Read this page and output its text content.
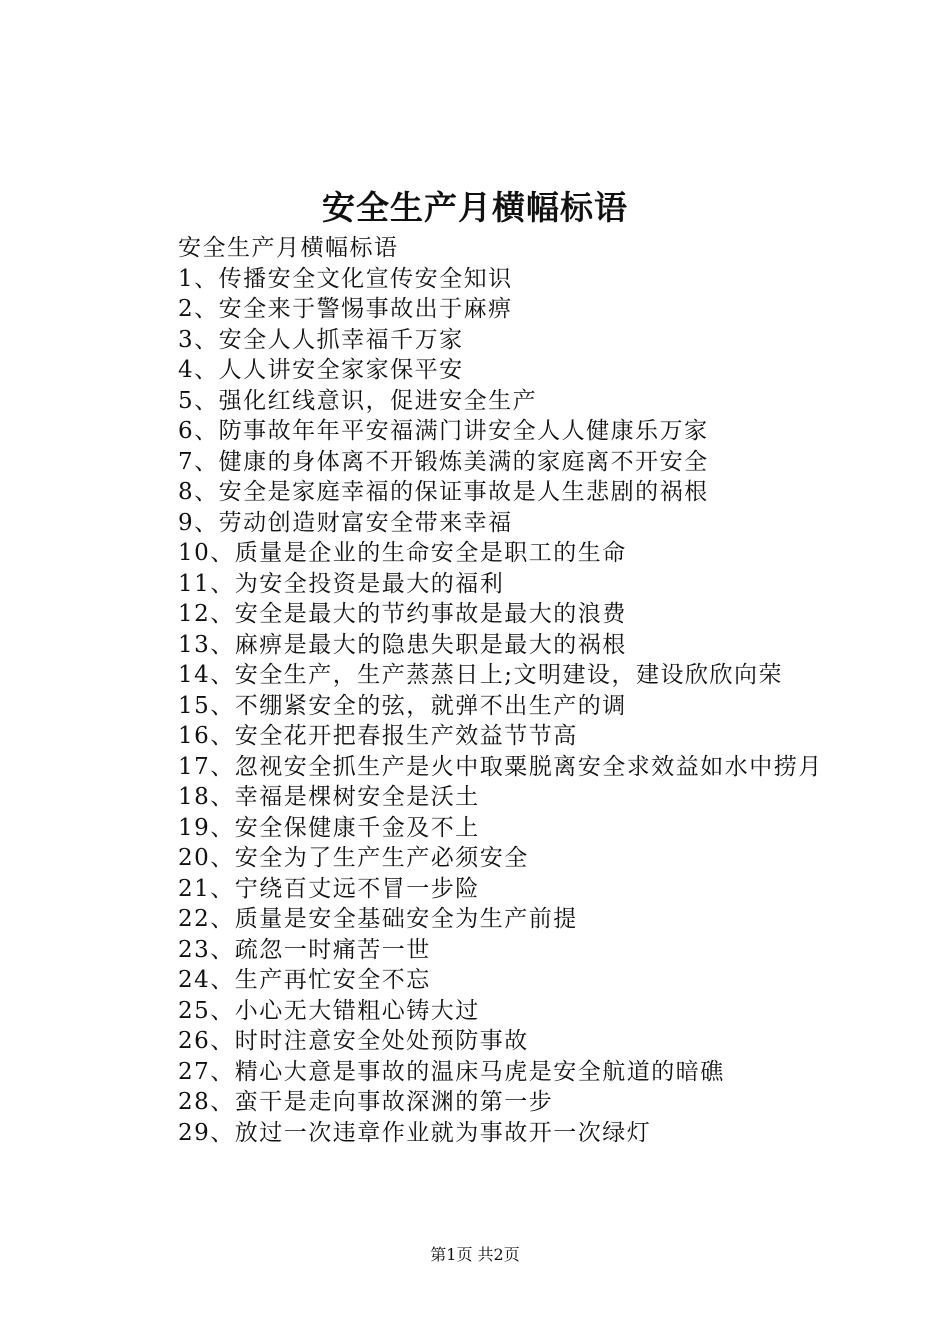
安全生产月横幅标语

安全生产月横幅标语

1、传播安全文化宣传安全知识

2、安全来于警惕事故出于麻痹

3、安全人人抓幸福千万家

4、人人讲安全家家保平安

5、强化红线意识，促进安全生产

6、防事故年年平安福满门讲安全人人健康乐万家

7、健康的身体离不开锻炼美满的家庭离不开安全

8、安全是家庭幸福的保证事故是人生悲剧的祸根

9、劳动创造财富安全带来幸福

10、质量是企业的生命安全是职工的生命

11、为安全投资是最大的福利

12、安全是最大的节约事故是最大的浪费

13、麻痹是最大的隐患失职是最大的祸根

14、安全生产，生产蒸蒸日上;文明建设，建设欣欣向荣

15、不绷紧安全的弦，就弹不出生产的调

16、安全花开把春报生产效益节节高

17、忽视安全抓生产是火中取粟脱离安全求效益如水中捞月

18、幸福是棵树安全是沃土

19、安全保健康千金及不上

20、安全为了生产生产必须安全

21、宁绕百丈远不冒一步险

22、质量是安全基础安全为生产前提

23、疏忽一时痛苦一世

24、生产再忙安全不忘

25、小心无大错粗心铸大过

26、时时注意安全处处预防事故

27、精心大意是事故的温床马虎是安全航道的暗礁

28、蛮干是走向事故深渊的第一步

29、放过一次违章作业就为事故开一次绿灯

第1页 共2页
